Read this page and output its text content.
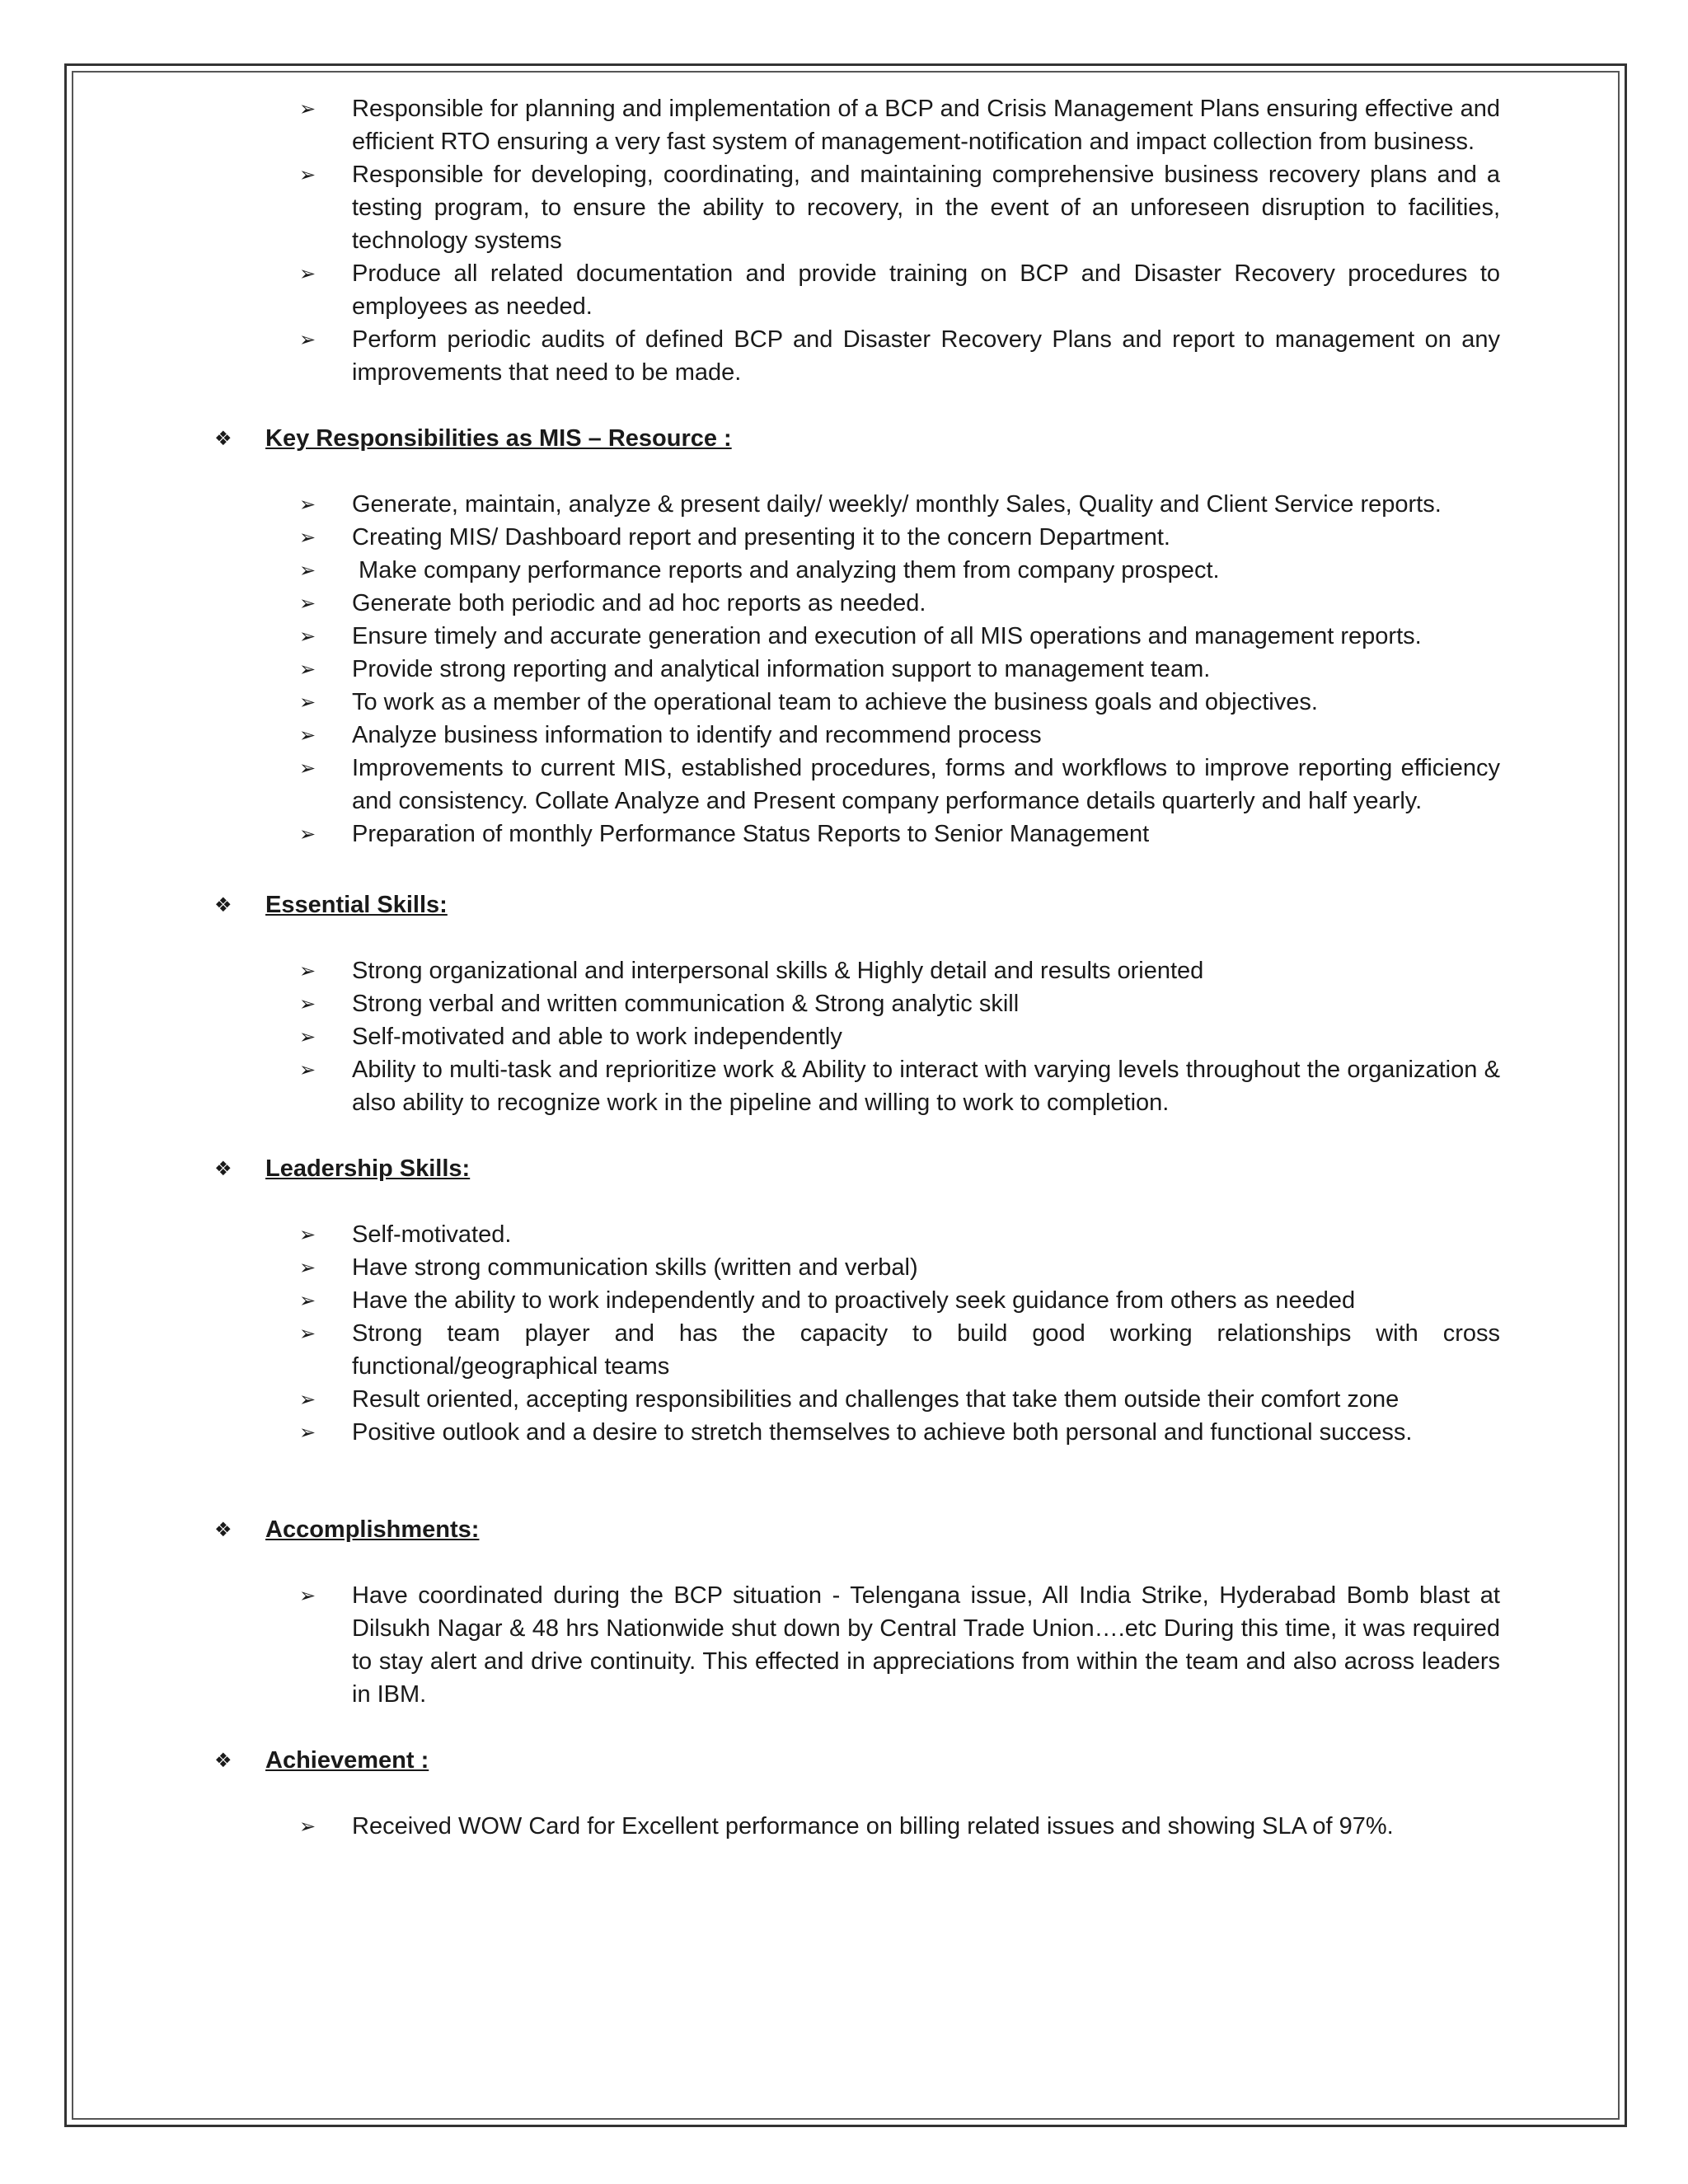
➢	Responsible for planning and implementation of a BCP and Crisis Management Plans ensuring effective and efficient RTO ensuring a very fast system of management-notification and impact collection from business.
➢	Responsible for developing, coordinating, and maintaining comprehensive business recovery plans and a testing program, to ensure the ability to recovery, in the event of an unforeseen disruption to facilities, technology systems
➢	Produce all related documentation and provide training on BCP and Disaster Recovery procedures to employees as needed.
➢	Perform periodic audits of defined BCP and Disaster Recovery Plans and report to management on any improvements that need to be made.
❖ Key Responsibilities as MIS – Resource :
➢	Generate, maintain, analyze & present daily/ weekly/ monthly Sales, Quality and Client Service reports.
➢	Creating MIS/ Dashboard report and presenting it to the concern Department.
➢	Make company performance reports and analyzing them from company prospect.
➢	Generate both periodic and ad hoc reports as needed.
➢	Ensure timely and accurate generation and execution of all MIS operations and management reports.
➢	Provide strong reporting and analytical information support to management team.
➢	To work as a member of the operational team to achieve the business goals and objectives.
➢	Analyze business information to identify and recommend process
➢	Improvements to current MIS, established procedures, forms and workflows to improve reporting efficiency and consistency. Collate Analyze and Present company performance details quarterly and half yearly.
➢	Preparation of monthly Performance Status Reports to Senior Management
❖ Essential Skills:
➢	Strong organizational and interpersonal skills & Highly detail and results oriented
➢	Strong verbal and written communication & Strong analytic skill
➢	Self-motivated and able to work independently
➢	Ability to multi-task and reprioritize work & Ability to interact with varying levels throughout the organization & also ability to recognize work in the pipeline and willing to work to completion.
❖ Leadership Skills:
➢	Self-motivated.
➢	Have strong communication skills (written and verbal)
➢	Have the ability to work independently and to proactively seek guidance from others as needed
➢	Strong team player and has the capacity to build good working relationships with cross functional/geographical teams
➢	Result oriented, accepting responsibilities and challenges that take them outside their comfort zone
➢	Positive outlook and a desire to stretch themselves to achieve both personal and functional success.
❖ Accomplishments:
➢	Have coordinated during the BCP situation - Telengana issue, All India Strike, Hyderabad Bomb blast at Dilsukh Nagar & 48 hrs Nationwide shut down by Central Trade Union….etc During this time, it was required to stay alert and drive continuity. This effected in appreciations from within the team and also across leaders in IBM.
❖ Achievement :
➢	Received WOW Card for Excellent performance on billing related issues and showing SLA of 97%.
